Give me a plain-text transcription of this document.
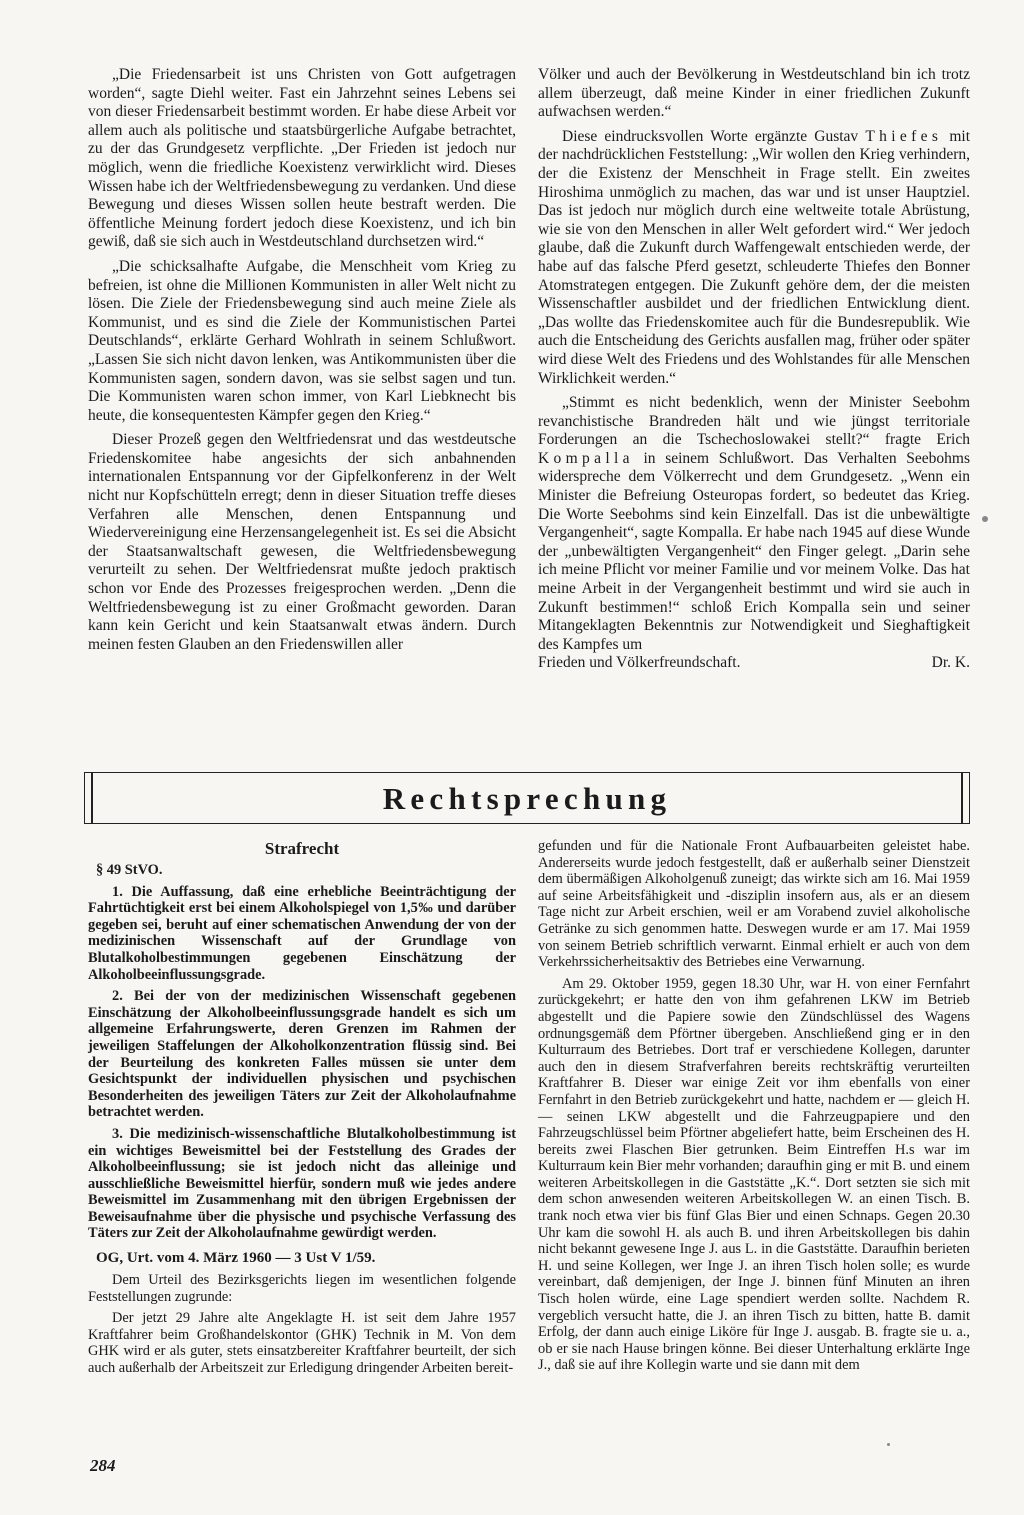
„Die Friedensarbeit ist uns Christen von Gott aufgetragen worden“, sagte Diehl weiter. Fast ein Jahrzehnt seines Lebens sei von dieser Friedensarbeit bestimmt worden. Er habe diese Arbeit vor allem auch als politische und staatsbürgerliche Aufgabe betrachtet, zu der das Grundgesetz verpflichte. „Der Frieden ist jedoch nur möglich, wenn die friedliche Koexistenz verwirklicht wird. Dieses Wissen habe ich der Weltfriedensbewegung zu verdanken. Und diese Bewegung und dieses Wissen sollen heute bestraft werden. Die öffentliche Meinung fordert jedoch diese Koexistenz, und ich bin gewiß, daß sie sich auch in Westdeutschland durchsetzen wird.“

„Die schicksalhafte Aufgabe, die Menschheit vom Krieg zu befreien, ist ohne die Millionen Kommunisten in aller Welt nicht zu lösen. Die Ziele der Friedensbewegung sind auch meine Ziele als Kommunist, und es sind die Ziele der Kommunistischen Partei Deutschlands“, erklärte Gerhard Wohlrath in seinem Schlußwort. „Lassen Sie sich nicht davon lenken, was Antikommunisten über die Kommunisten sagen, sondern davon, was sie selbst sagen und tun. Die Kommunisten waren schon immer, von Karl Liebknecht bis heute, die konsequentesten Kämpfer gegen den Krieg.“

Dieser Prozeß gegen den Weltfriedensrat und das westdeutsche Friedenskomitee habe angesichts der sich anbahnenden internationalen Entspannung vor der Gipfelkonferenz in der Welt nicht nur Kopfschütteln erregt; denn in dieser Situation treffe dieses Verfahren alle Menschen, denen Entspannung und Wiedervereinigung eine Herzensangelegenheit ist. Es sei die Absicht der Staatsanwaltschaft gewesen, die Weltfriedensbewegung verurteilt zu sehen. Der Weltfriedensrat mußte jedoch praktisch schon vor Ende des Prozesses freigesprochen werden. „Denn die Weltfriedensbewegung ist zu einer Großmacht geworden. Daran kann kein Gericht und kein Staatsanwalt etwas ändern. Durch meinen festen Glauben an den Friedenswillen aller

Völker und auch der Bevölkerung in Westdeutschland bin ich trotz allem überzeugt, daß meine Kinder in einer friedlichen Zukunft aufwachsen werden.“

Diese eindrucksvollen Worte ergänzte Gustav Thiefes mit der nachdrücklichen Feststellung: „Wir wollen den Krieg verhindern, der die Existenz der Menschheit in Frage stellt. Ein zweites Hiroshima unmöglich zu machen, das war und ist unser Hauptziel. Das ist jedoch nur möglich durch eine weltweite totale Abrüstung, wie sie von den Menschen in aller Welt gefordert wird.“ Wer jedoch glaube, daß die Zukunft durch Waffengewalt entschieden werde, der habe auf das falsche Pferd gesetzt, schleuderte Thiefes den Bonner Atomstrategen entgegen. Die Zukunft gehöre dem, der die meisten Wissenschaftler ausbildet und der friedlichen Entwicklung dient. „Das wollte das Friedenskomitee auch für die Bundesrepublik. Wie auch die Entscheidung des Gerichts ausfallen mag, früher oder später wird diese Welt des Friedens und des Wohlstandes für alle Menschen Wirklichkeit werden.“

„Stimmt es nicht bedenklich, wenn der Minister Seebohm revanchistische Brandreden hält und wie jüngst territoriale Forderungen an die Tschechoslowakei stellt?“ fragte Erich Kompalla in seinem Schlußwort. Das Verhalten Seebohms widerspreche dem Völkerrecht und dem Grundgesetz. „Wenn ein Minister die Befreiung Osteuropas fordert, so bedeutet das Krieg. Die Worte Seebohms sind kein Einzelfall. Das ist die unbewältigte Vergangenheit“, sagte Kompalla. Er habe nach 1945 auf diese Wunde der „unbewältigten Vergangenheit“ den Finger gelegt. „Darin sehe ich meine Pflicht vor meiner Familie und vor meinem Volke. Das hat meine Arbeit in der Vergangenheit bestimmt und wird sie auch in Zukunft bestimmen!“ schloß Erich Kompalla sein und seiner Mitangeklagten Bekenntnis zur Notwendigkeit und Sieghaftigkeit des Kampfes um

Frieden und Völkerfreundschaft.	Dr. K.
Rechtsprechung
Strafrecht

§ 49 StVO.

1. Die Auffassung, daß eine erhebliche Beeinträchtigung der Fahrtüchtigkeit erst bei einem Alkoholspiegel von 1,5‰ und darüber gegeben sei, beruht auf einer schematischen Anwendung der von der medizinischen Wissenschaft auf der Grundlage von Blutalkoholbestimmungen gegebenen Einschätzung der Alkoholbeeinflussungsgrade.

2. Bei der von der medizinischen Wissenschaft gegebenen Einschätzung der Alkoholbeeinflussungsgrade handelt es sich um allgemeine Erfahrungswerte, deren Grenzen im Rahmen der jeweiligen Staffelungen der Alkoholkonzentration flüssig sind. Bei der Beurteilung des konkreten Falles müssen sie unter dem Gesichtspunkt der individuellen physischen und psychischen Besonderheiten des jeweiligen Täters zur Zeit der Alkoholaufnahme betrachtet werden.

3. Die medizinisch-wissenschaftliche Blutalkoholbestimmung ist ein wichtiges Beweismittel bei der Feststellung des Grades der Alkoholbeeinflussung; sie ist jedoch nicht das alleinige und ausschließliche Beweismittel hierfür, sondern muß wie jedes andere Beweismittel im Zusammenhang mit den übrigen Ergebnissen der Beweisaufnahme über die physische und psychische Verfassung des Täters zur Zeit der Alkoholaufnahme gewürdigt werden.

OG, Urt. vom 4. März 1960 — 3 Ust V 1/59.

Dem Urteil des Bezirksgerichts liegen im wesentlichen folgende Feststellungen zugrunde:

Der jetzt 29 Jahre alte Angeklagte H. ist seit dem Jahre 1957 Kraftfahrer beim Großhandelskontor (GHK) Technik in M. Von dem GHK wird er als guter, stets einsatzbereiter Kraftfahrer beurteilt, der sich auch außerhalb der Arbeitszeit zur Erledigung dringender Arbeiten bereit-

gefunden und für die Nationale Front Aufbauarbeiten geleistet habe. Andererseits wurde jedoch festgestellt, daß er außerhalb seiner Dienstzeit dem übermäßigen Alkoholgenuß zuneigt; das wirkte sich am 16. Mai 1959 auf seine Arbeitsfähigkeit und -disziplin insofern aus, als er an diesem Tage nicht zur Arbeit erschien, weil er am Vorabend zuviel alkoholische Getränke zu sich genommen hatte. Deswegen wurde er am 17. Mai 1959 von seinem Betrieb schriftlich verwarnt. Einmal erhielt er auch von dem Verkehrssicherheitsaktiv des Betriebes eine Verwarnung.

Am 29. Oktober 1959, gegen 18.30 Uhr, war H. von einer Fernfahrt zurückgekehrt; er hatte den von ihm gefahrenen LKW im Betrieb abgestellt und die Papiere sowie den Zündschlüssel des Wagens ordnungsgemäß dem Pförtner übergeben. Anschließend ging er in den Kulturraum des Betriebes. Dort traf er verschiedene Kollegen, darunter auch den in diesem Strafverfahren bereits rechtskräftig verurteilten Kraftfahrer B. Dieser war einige Zeit vor ihm ebenfalls von einer Fernfahrt in den Betrieb zurückgekehrt und hatte, nachdem er — gleich H. — seinen LKW abgestellt und die Fahrzeugpapiere und den Fahrzeugschlüssel beim Pförtner abgeliefert hatte, beim Erscheinen des H. bereits zwei Flaschen Bier getrunken. Beim Eintreffen H.s war im Kulturraum kein Bier mehr vorhanden; daraufhin ging er mit B. und einem weiteren Arbeitskollegen in die Gaststätte „K.“. Dort setzten sie sich mit dem schon anwesenden weiteren Arbeitskollegen W. an einen Tisch. B. trank noch etwa vier bis fünf Glas Bier und einen Schnaps. Gegen 20.30 Uhr kam die sowohl H. als auch B. und ihren Arbeitskollegen bis dahin nicht bekannt gewesene Inge J. aus L. in die Gaststätte. Daraufhin berieten H. und seine Kollegen, wer Inge J. an ihren Tisch holen solle; es wurde vereinbart, daß demjenigen, der Inge J. binnen fünf Minuten an ihren Tisch holen würde, eine Lage spendiert werden sollte. Nachdem R. vergeblich versucht hatte, die J. an ihren Tisch zu bitten, hatte B. damit Erfolg, der dann auch einige Liköre für Inge J. ausgab. B. fragte sie u. a., ob er sie nach Hause bringen könne. Bei dieser Unterhaltung erklärte Inge J., daß sie auf ihre Kollegin warte und sie dann mit dem

284
